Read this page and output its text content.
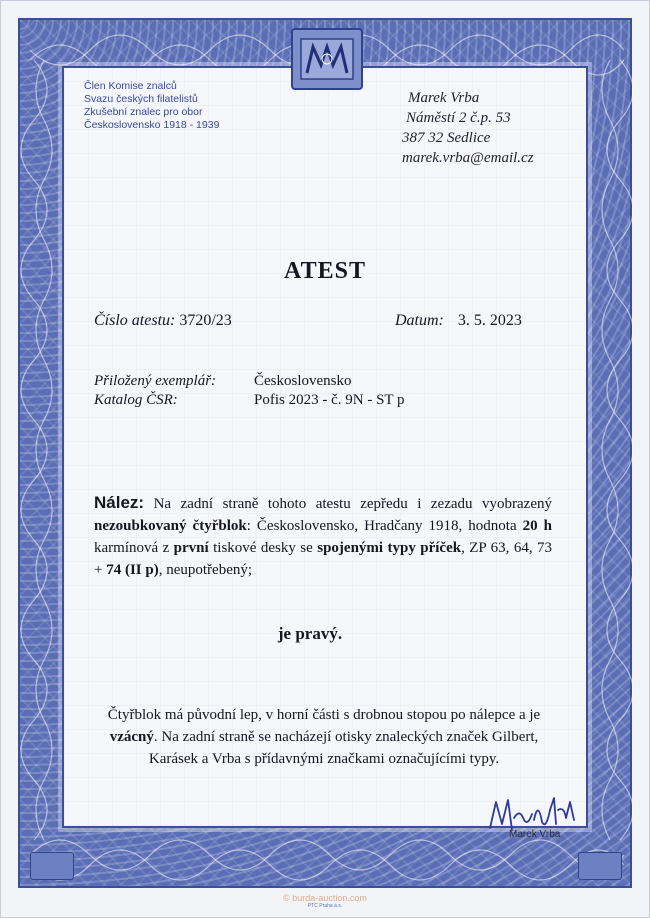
Člen Komise znalců
Svazu českých filatelistů
Zkušební znalec pro obor
Československo 1918 - 1939
Marek Vrba
Náměstí 2 č.p. 53
387 32 Sedlice
marek.vrba@email.cz
ATEST
Číslo atestu: 3720/23	Datum: 3. 5. 2023
Přiložený exemplář:	Československo
Katalog ČSR:	Pofis 2023 - č. 9N - ST p
Nález: Na zadní straně tohoto atestu zepředu i zezadu vyobrazený nezoubkovaný čtyřblok: Československo, Hradčany 1918, hodnota 20 h karmínová z první tiskové desky se spojenými typy příček, ZP 63, 64, 73 + 74 (II p), neupotřebený;
je pravý.
Čtyřblok má původní lep, v horní části s drobnou stopou po nálepce a je vzácný. Na zadní straně se nacházejí otisky znaleckých značek Gilbert, Karásek a Vrba s přídavnými značkami označujícími typy.
Marek Vrba
© burda-auction.com
PTC Praha a.s.
